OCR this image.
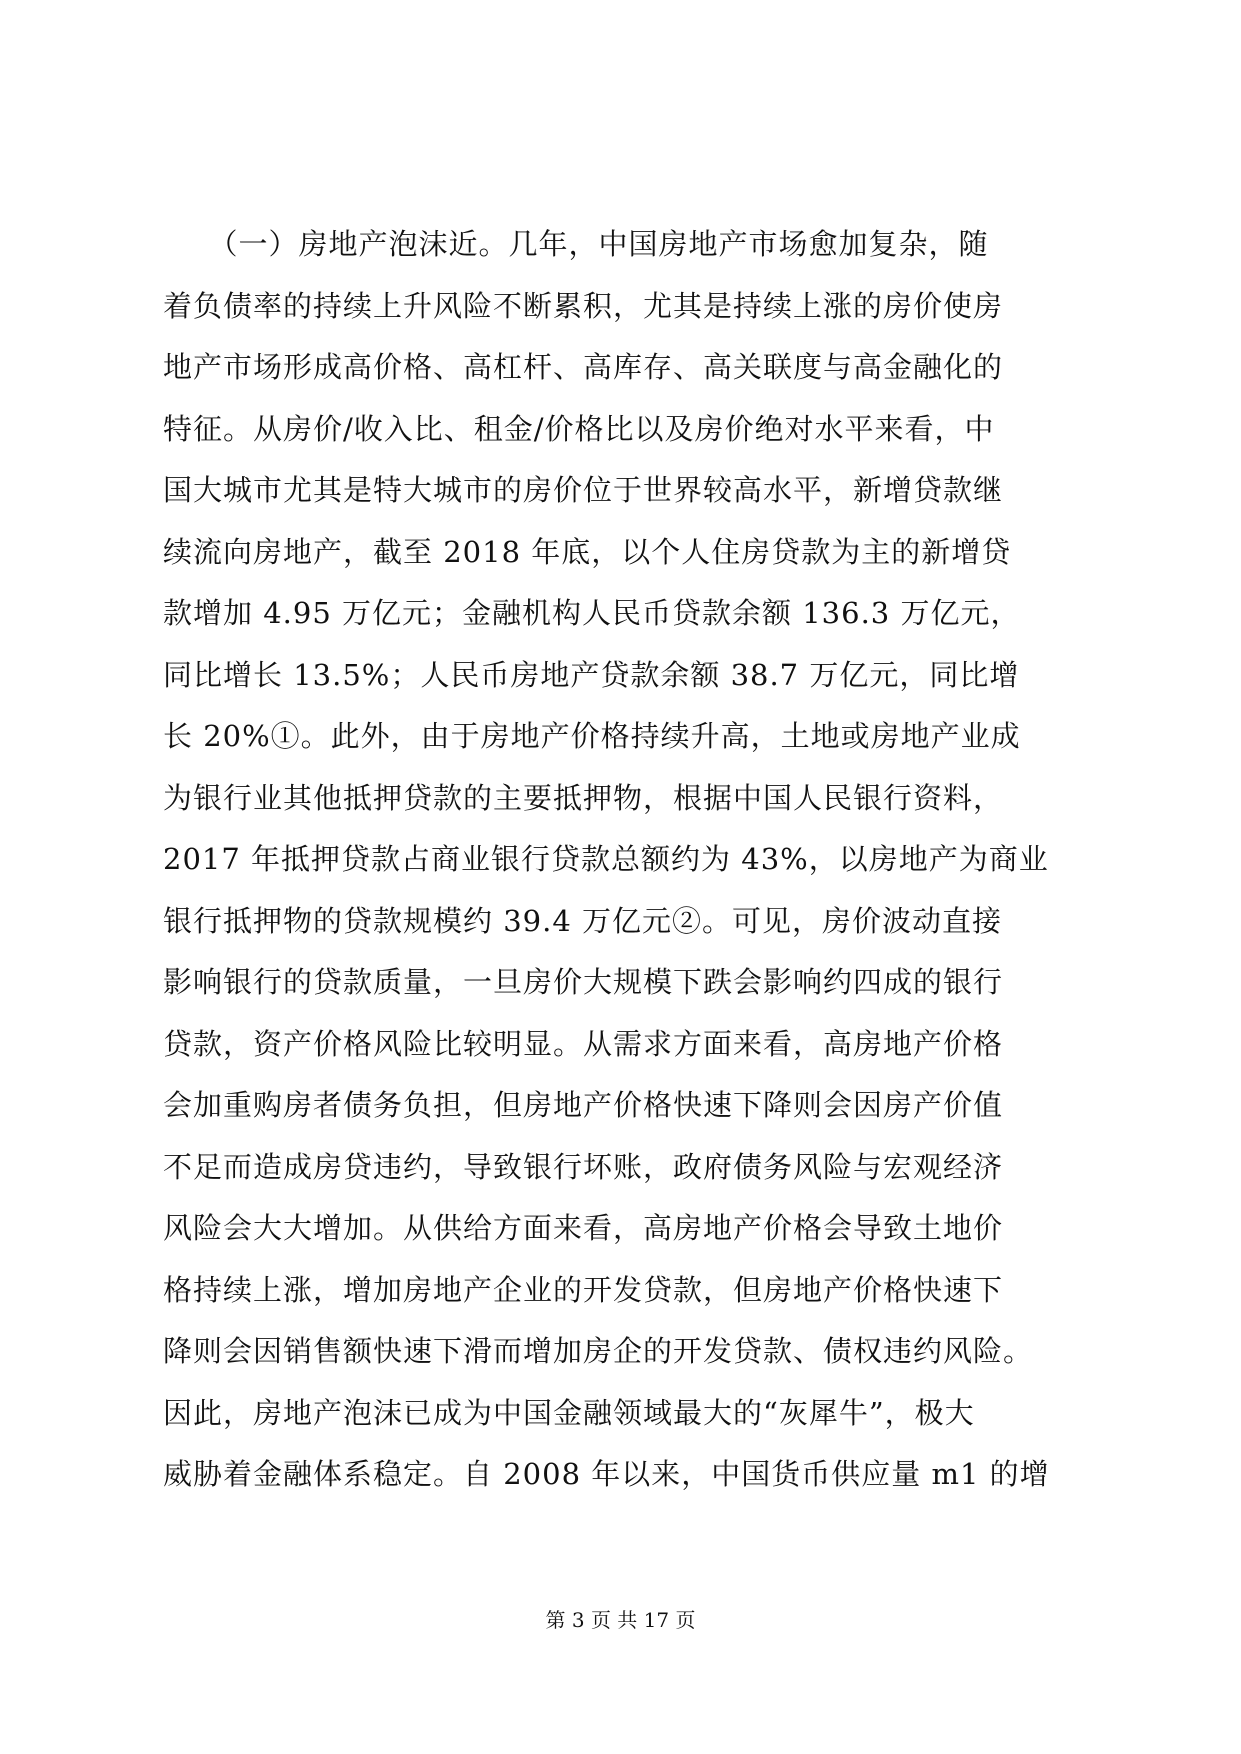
　　（一）房地产泡沫近。几年，中国房地产市场愈加复杂，随
着负债率的持续上升风险不断累积，尤其是持续上涨的房价使房
地产市场形成高价格、高杠杆、高库存、高关联度与高金融化的
特征。从房价/收入比、租金/价格比以及房价绝对水平来看，中
国大城市尤其是特大城市的房价位于世界较高水平，新增贷款继
续流向房地产，截至 2018 年底，以个人住房贷款为主的新增贷
款增加 4.95 万亿元；金融机构人民币贷款余额 136.3 万亿元，
同比增长 13.5%；人民币房地产贷款余额 38.7 万亿元，同比增
长 20%①。此外，由于房地产价格持续升高，土地或房地产业成
为银行业其他抵押贷款的主要抵押物，根据中国人民银行资料，
2017 年抵押贷款占商业银行贷款总额约为 43%，以房地产为商业
银行抵押物的贷款规模约 39.4 万亿元②。可见，房价波动直接
影响银行的贷款质量，一旦房价大规模下跌会影响约四成的银行
贷款，资产价格风险比较明显。从需求方面来看，高房地产价格
会加重购房者债务负担，但房地产价格快速下降则会因房产价值
不足而造成房贷违约，导致银行坏账，政府债务风险与宏观经济
风险会大大增加。从供给方面来看，高房地产价格会导致土地价
格持续上涨，增加房地产企业的开发贷款，但房地产价格快速下
降则会因销售额快速下滑而增加房企的开发贷款、债权违约风险。
因此，房地产泡沫已成为中国金融领域最大的“灰犀牛”，极大
威胁着金融体系稳定。自 2008 年以来，中国货币供应量 m1 的增
第 3 页 共 17 页
